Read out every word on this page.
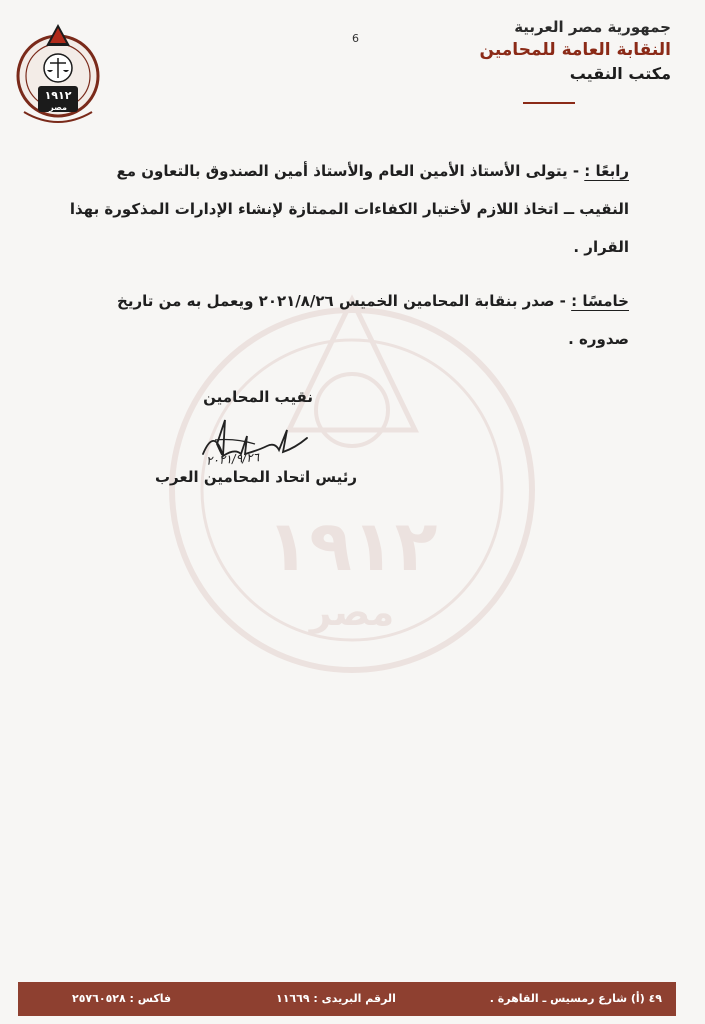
١٩١٢
مصر
6
١٩١٢
مصر
جمهورية مصر العربية
النقابة العامة للمحامين
مكتب النقيب
رابعًا : - يتولى الأستاذ الأمين العام والأستاذ أمين الصندوق بالتعاون مع النقيب ــ اتخاذ اللازم لأختيار الكفاءات الممتازة لإنشاء الإدارات المذكورة بهذا القرار .
خامسًا : - صدر بنقابة المحامين الخميس ٢٠٢١/٨/٢٦ ويعمل به من تاريخ صدوره .
نقيب المحامين
٢٠٢١/٩/٢٦
رئيس اتحاد المحامين العرب
٤٩ (أ) شارع رمسيس ـ القاهرة .
الرقم البريدى : ١١٦٦٩
فاكس : ٢٥٧٦٠٥٢٨
